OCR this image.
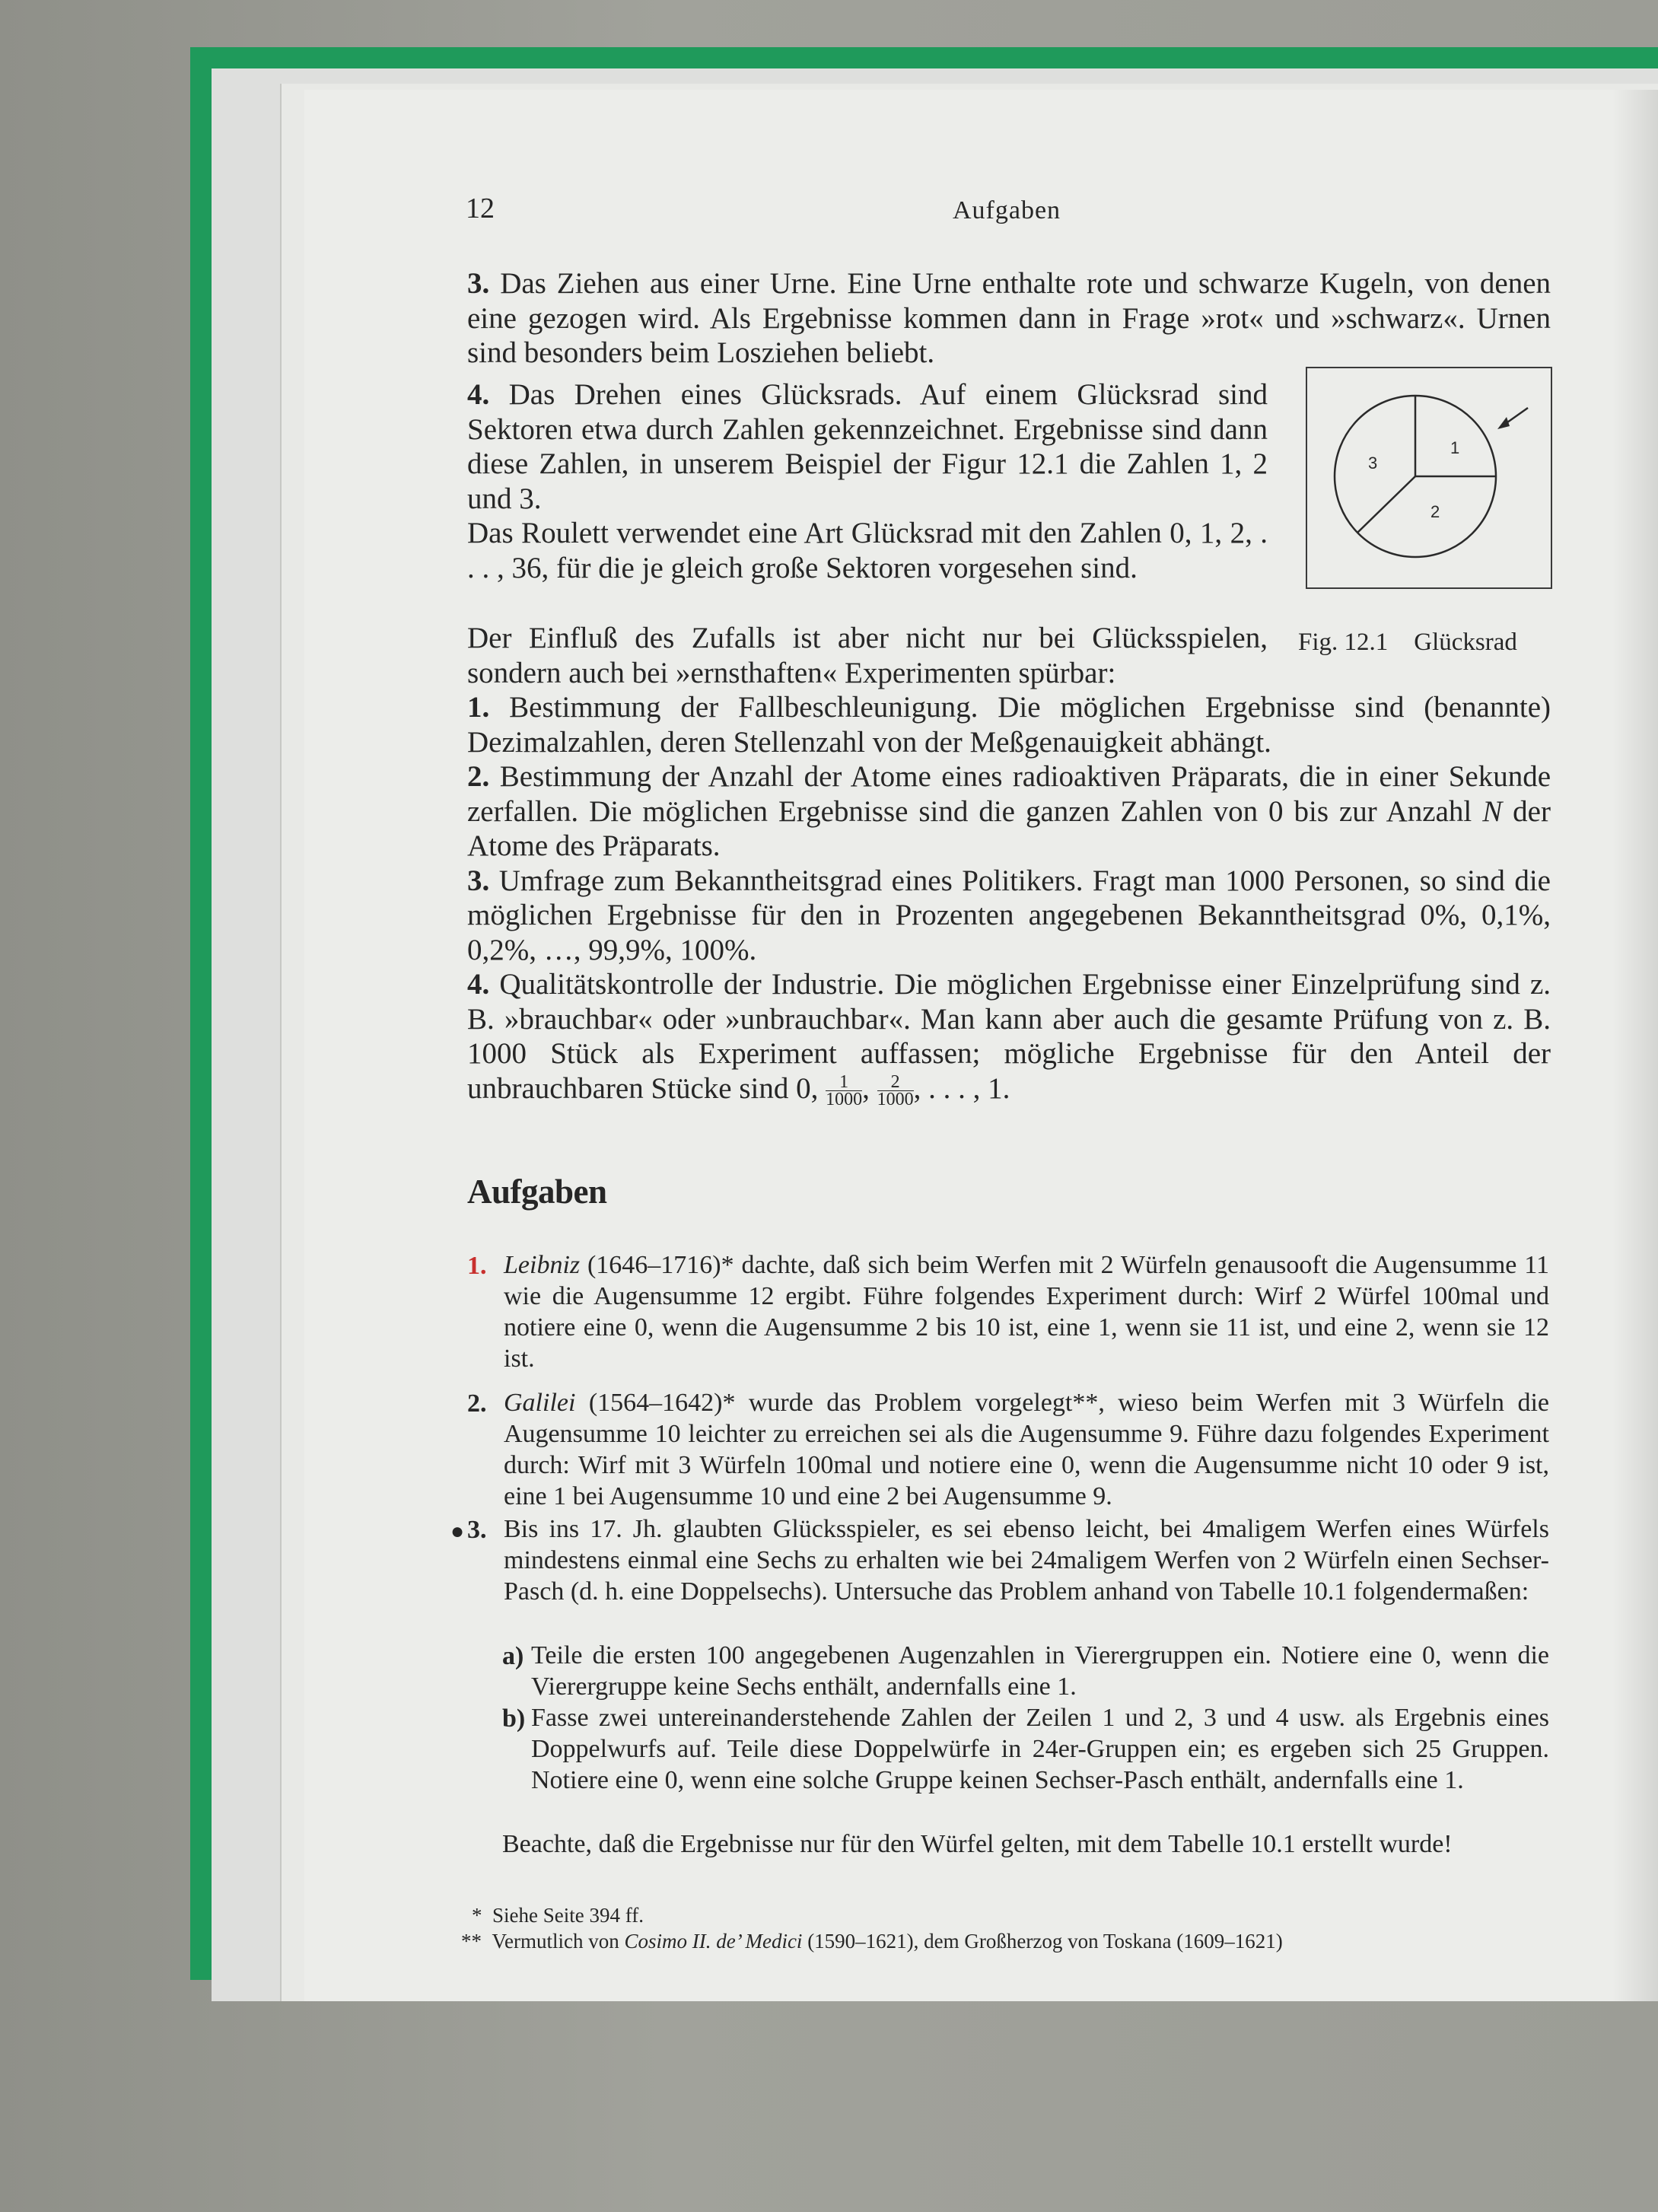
12	Aufgaben

3. Das Ziehen aus einer Urne. Eine Urne enthalte rote und schwarze Kugeln, von denen eine gezogen wird. Als Ergebnisse kommen dann in Frage »rot« und »schwarz«. Urnen sind besonders beim Losziehen beliebt.

4. Das Drehen eines Glücksrads. Auf einem Glücksrad sind Sektoren etwa durch Zahlen gekennzeichnet. Ergebnisse sind dann diese Zahlen, in unserem Beispiel der Figur 12.1 die Zahlen 1, 2 und 3.

Das Roulett verwendet eine Art Glücksrad mit den Zahlen 0, 1, 2, . . . , 36, für die je gleich große Sektoren vorgesehen sind.

1
2
3
Fig. 12.1 Glücksrad

Der Einfluß des Zufalls ist aber nicht nur bei Glücksspielen, sondern auch bei »ernsthaften« Experimenten spürbar:

1. Bestimmung der Fallbeschleunigung. Die möglichen Ergebnisse sind (benannte) Dezimalzahlen, deren Stellenzahl von der Meßgenauigkeit abhängt.

2. Bestimmung der Anzahl der Atome eines radioaktiven Präparats, die in einer Sekunde zerfallen. Die möglichen Ergebnisse sind die ganzen Zahlen von 0 bis zur Anzahl N der Atome des Präparats.

3. Umfrage zum Bekanntheitsgrad eines Politikers. Fragt man 1000 Personen, so sind die möglichen Ergebnisse für den in Prozenten angegebenen Bekanntheitsgrad 0%, 0,1%, 0,2%, …, 99,9%, 100%.

4. Qualitätskontrolle der Industrie. Die möglichen Ergebnisse einer Einzelprüfung sind z. B. »brauchbar« oder »unbrauchbar«. Man kann aber auch die gesamte Prüfung von z. B. 1000 Stück als Experiment auffassen; mögliche Ergebnisse für den Anteil der unbrauchbaren Stücke sind 0, $\frac{1}{1000}$ , $\frac{2}{1000}$ , . . . , 1.

Aufgaben
1. Leibniz (1646–1716)* dachte, daß sich beim Werfen mit 2 Würfeln genausooft die Augensumme 11 wie die Augensumme 12 ergibt. Führe folgendes Experiment durch: Wirf 2 Würfel 100mal und notiere eine 0, wenn die Augensumme 2 bis 10 ist, eine 1, wenn sie 11 ist, und eine 2, wenn sie 12 ist.

2. Galilei (1564–1642)* wurde das Problem vorgelegt**, wieso beim Werfen mit 3 Würfeln die Augensumme 10 leichter zu erreichen sei als die Augensumme 9. Führe dazu folgendes Experiment durch: Wirf mit 3 Würfeln 100mal und notiere eine 0, wenn die Augensumme nicht 10 oder 9 ist, eine 1 bei Augensumme 10 und eine 2 bei Augensumme 9.

● 3. Bis ins 17. Jh. glaubten Glücksspieler, es sei ebenso leicht, bei 4maligem Werfen eines Würfels mindestens einmal eine Sechs zu erhalten wie bei 24maligem Werfen von 2 Würfeln einen Sechser-Pasch (d. h. eine Doppelsechs). Untersuche das Problem anhand von Tabelle 10.1 folgendermaßen:

a) Teile die ersten 100 angegebenen Augenzahlen in Vierergruppen ein. Notiere eine 0, wenn die Vierergruppe keine Sechs enthält, andernfalls eine 1.

b) Fasse zwei untereinanderstehende Zahlen der Zeilen 1 und 2, 3 und 4 usw. als Ergebnis eines Doppelwurfs auf. Teile diese Doppelwürfe in 24er-Gruppen ein; es ergeben sich 25 Gruppen. Notiere eine 0, wenn eine solche Gruppe keinen Sechser-Pasch enthält, andernfalls eine 1.

Beachte, daß die Ergebnisse nur für den Würfel gelten, mit dem Tabelle 10.1 erstellt wurde!

* Siehe Seite 394 ff.
** Vermutlich von Cosimo II. de’ Medici (1590–1621), dem Großherzog von Toskana (1609–1621)
